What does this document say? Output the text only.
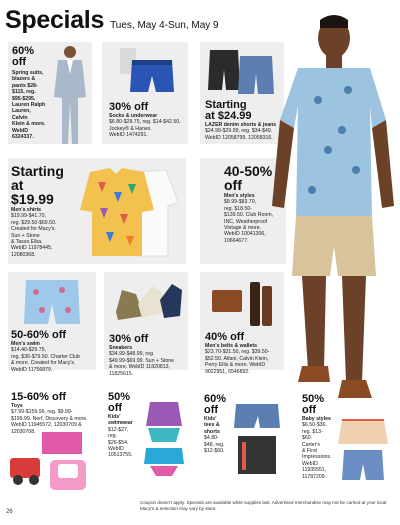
Specials Tues, May 4-Sun, May 9
60%
off
Spring suits,
blazers &
pants $28-
$115, reg.
$95-$295.
Lauren Ralph
Lauren, Calvin
Klein & more.
WebID
6324337.
30% off
Socks & underwear
$6.80-$29.75, reg. $14-$42.50.
Jockey® & Hanes.
WebID 1474291.
Starting
at $24.99
LAZER denim shorts & jeans
$24.99-$29.99, reg. $34-$49.
WebID 12058799, 12058316.
Starting
at $19.99
Men's shirts
$19.99-$41.70,
reg. $29.50-$69.50.
Created for Macy's.
Sun + Stone
& Tasso Elba.
WebID 11978445,
12080368.
40-50%
off
Men's styles
$8.99-$83.70,
reg. $18.50-
$139.50. Club Room,
INC, Weatherproof
Vintage & more.
WebID 10041306,
10664677.
50-60% off
Men's swim
$14.40-$29.75,
reg. $36-$79.50. Charter Club
& more. Created for Macy's.
WebID 11756879.
30% off
Sneakers
$34.99-$48.99, reg.
$49.99-$69.99. Sun + Stone
& more. WebID 11820813,
11825615.
40% off
Men's belts & wallets
$23.70-$31.50, reg. $39.50-
$52.50. Alfani, Calvin Klein,
Perry Ellis & more. WebID
9022951, 6546892.
15-60% off
Toys
$7.99-$159.99, reg. $9.99-
$199.99. Nerf, Discovery & more.
WebID 11945572, 12030709 &
12030708.
50%
off
Kids'
swimwear
$12-$27,
reg.
$26-$54.
WebID
10513755.
60%
off
Kids'
tees &
shorts
$4.80-
$48, reg.
$12-$60.
50%
off
Baby styles
$6.50-$36,
reg. $13-
$60.
Carter's
& First
Impressions.
WebID
11935551,
11787209.
Coupon doesn't apply. Specials are available while supplies last. Advertised merchandise may not be carried at your local Macy's & selection may vary by store.
26
